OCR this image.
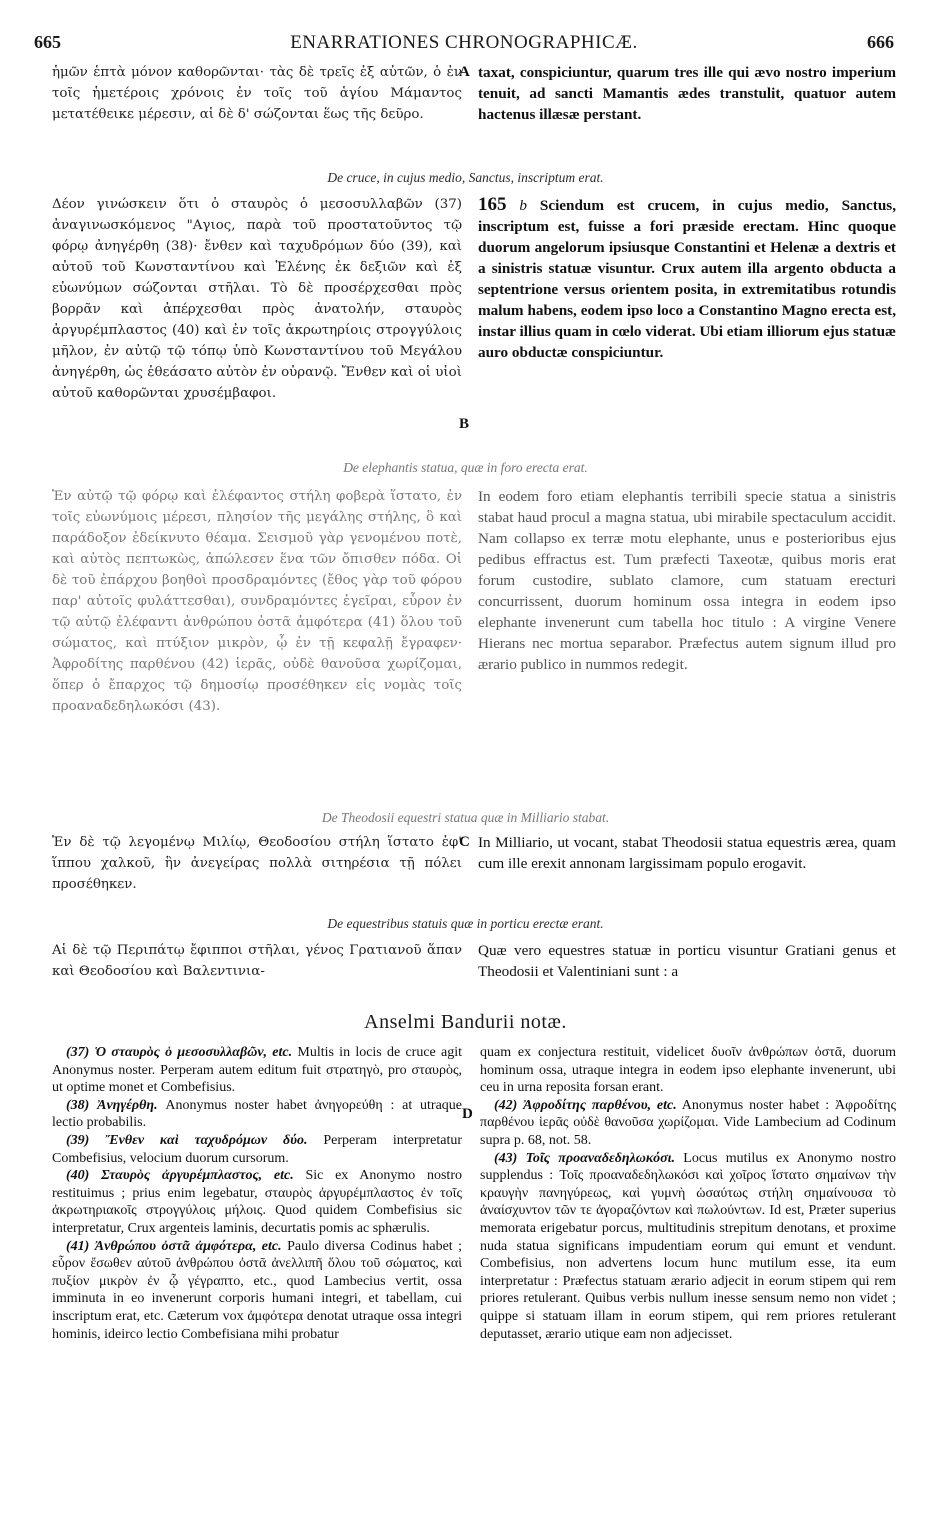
665	ENARRATIONES CHRONOGRAPHICÆ.	666
ἡμῶν ἑπτὰ μόνον καθορῶνται· τὰς δὲ τρεῖς ἐξ αὐτῶν, ὁ ἐν τοῖς ἡμετέροις χρόνοις ἐν τοῖς τοῦ ἁγίου Μάμαντος μετατέθεικε μέρεσιν, αἱ δὲ δ' σώζονται ἕως τῆς δεῦρο.
A taxat, conspiciuntur, quarum tres ille qui ævo nostro imperium tenuit, ad sancti Mamantis ædes transtulit, quatuor autem hactenus illæsæ perstant.
De cruce, in cujus medio, Sanctus, inscriptum erat.
Δέον γινώσκειν ὅτι ὁ σταυρὸς ὁ μεσοσυλλαβῶν (37) ἀναγινωσκόμενος "Αγιος, παρὰ τοῦ προστατοῦντος τῷ φόρῳ ἀνηγέρθη (38)· ἔνθεν καὶ ταχυδρόμων δύο (39), καὶ αὐτοῦ τοῦ Κωνσταντίνου καὶ Ἑλένης ἐκ δεξιῶν καὶ ἐξ εὐωνύμων σώζονται στῆλαι. Τὸ δὲ προσέρχεσθαι πρὸς βορρᾶν καὶ ἀπέρχεσθαι πρὸς ἀνατολήν, σταυρὸς ἀργυρέμπλαστος (40) καὶ ἐν τοῖς ἀκρωτηρίοις στρογγύλοις μῆλον, ἐν αὐτῷ τῷ τόπῳ ὑπὸ Κωνσταντίνου τοῦ Μεγάλου ἀνηγέρθη, ὡς ἐθεάσατο αὐτὸν ἐν οὐρανῷ. Ἔνθεν καὶ οἱ υἱοὶ αὐτοῦ καθορῶνται χρυσέμβαφοι.
B
165 b Sciendum est crucem, in cujus medio, Sanctus, inscriptum est, fuisse a fori præside erectam. Hinc quoque duorum angelorum ipsiusque Constantini et Helenæ a dextris et a sinistris statuæ visuntur. Crux autem illa argento obducta a septentrione versus orientem posita, in extremitatibus rotundis malum habens, eodem ipso loco a Constantino Magno erecta est, instar illius quam in cœlo viderat. Ubi etiam illiorum ejus statuæ auro obductæ conspiciuntur.
De elephantis statua, quæ in foro erecta erat.
Ἐν αὐτῷ τῷ φόρῳ καὶ ἐλέφαντος στήλη φοβερὰ ἵστατο, ἐν τοῖς εὐωνύμοις μέρεσι, πλησίον τῆς μεγάλης στήλης, ὃ καὶ παράδοξον ἐδείκνυτο θέαμα. Σεισμοῦ γὰρ γενομένου ποτὲ, καὶ αὐτὸς πεπτωκὼς, ἀπώλεσεν ἕνα τῶν ὄπισθεν πόδα. Οἱ δὲ τοῦ ἐπάρχου βοηθοὶ προσδραμόντες (ἔθος γὰρ τοῦ φόρου παρ' αὐτοῖς φυλάττεσθαι), συνδραμόντες ἐγεῖραι, εὗρον ἐν τῷ αὐτῷ ἐλέφαντι ἀνθρώπου ὀστᾶ ἀμφότερα (41) ὅλου τοῦ σώματος, καὶ πτύξιον μικρὸν, ᾧ ἐν τῇ κεφαλῇ ἔγραφεν· Ἀφροδίτης παρθένου (42) ἱερᾶς, οὐδὲ θανοῦσα χωρίζομαι, ὅπερ ὁ ἔπαρχος τῷ δημοσίῳ προσέθηκεν εἰς νομὰς τοῖς προαναδεδηλωκόσι (43).
In eodem foro etiam elephantis terribili specie statua a sinistris stabat haud procul a magna statua, ubi mirabile spectaculum accidit. Nam collapso ex terræ motu elephante, unus e posterioribus ejus pedibus effractus est. Tum præfecti Taxeotæ, quibus moris erat forum custodire, sublato clamore, cum statuam erecturi concurrissent, duorum hominum ossa integra in eodem ipso elephante invenerunt cum tabella hoc titulo : A virgine Venere Hierans nec mortua separabor. Præfectus autem signum illud pro ærario publico in nummos redegit.
De Theodosii equestri statua quæ in Milliario stabat.
Ἐν δὲ τῷ λεγομένῳ Μιλίῳ, Θεοδοσίου στήλη ἵστατο ἐφ' ἵππου χαλκοῦ, ἣν ἀνεγείρας πολλὰ σιτηρέσια τῇ πόλει προσέθηκεν.
C In Milliario, ut vocant, stabat Theodosii statua equestris ærea, quam cum ille erexit annonam largissimam populo erogavit.
De equestribus statuis quæ in porticu erectæ erant.
Αἱ δὲ τῷ Περιπάτῳ ἔφιπποι στῆλαι, γένος Γρατιανοῦ ἅπαν καὶ Θεοδοσίου καὶ Βαλεντινια-
Quæ vero equestres statuæ in porticu visuntur Gratiani genus et Theodosii et Valentiniani sunt : a
Anselmi Bandurii notæ.

(37) Ὁ σταυρὸς ὁ μεσοσυλλαβῶν, etc. Multis in locis de cruce agit Anonymus noster. Perperam autem editum fuit στρατηγὸ, pro σταυρὸς, ut optime monet et Combefisius.

(38) Ἀνηγέρθη. Anonymus noster habet ἀνηγορεύθη : at utraque lectio probabilis.

(39) Ἔνθεν καὶ ταχυδρόμων δύο. Perperam interpretatur Combefisius, velocium duorum cursorum.

(40) Σταυρὸς ἀργυρέμπλαστος, etc. Sic ex Anonymo nostro restituimus ; prius enim legebatur, σταυρὸς ἀργυρέμπλαστος ἐν τοῖς ἀκρωτηριακοῖς στρογγύλοις μήλοις. Quod quidem Combefisius sic interpretatur, Crux argenteis laminis, decurtatis pomis ac sphærulis.

(41) Ἀνθρώπου ὀστᾶ ἀμφότερα, etc. Paulo diversa Codinus habet ; εὗρον ἔσωθεν αὐτοῦ ἀνθρώπου ὀστᾶ ἀνελλιπῆ ὅλου τοῦ σώματος, καὶ πυξίον μικρὸν ἐν ᾧ γέγραπτο, etc., quod Lambecius vertit, ossa imminuta in eo invenerunt corporis humani integri, et tabellam, cui inscriptum erat, etc. Cæterum vox ἀμφότερα denotat utraque ossa integri hominis, ideirco lectio Combefisiana mihi probatur

D

quam ex conjectura restituit, videlicet δυοῖν ἀνθρώπων ὀστᾶ, duorum hominum ossa, utraque integra in eodem ipso elephante invenerunt, ubi ceu in urna reposita forsan erant.

(42) Ἀφροδίτης παρθένου, etc. Anonymus noster habet : Ἀφροδίτης παρθένου ἱερᾶς οὐδὲ θανοῦσα χωρίζομαι. Vide Lambecium ad Codinum supra p. 68, not. 58.

(43) Τοῖς προαναδεδηλωκόσι. Locus mutilus ex Anonymo nostro supplendus : Τοῖς προαναδεδηλωκόσι καὶ χοῖρος ἵστατο σημαίνων τὴν κραυγὴν πανηγύρεως, καὶ γυμνὴ ὡσαύτως στήλη σημαίνουσα τὸ ἀναίσχυντον τῶν τε ἀγοραζόντων καὶ πωλούντων. Id est, Præter superius memorata erigebatur porcus, multitudinis strepitum denotans, et proxime nuda statua significans impudentiam eorum qui emunt et vendunt. Combefisius, non advertens locum hunc mutilum esse, ita eum interpretatur : Præfectus statuam ærario adjecit in eorum stipem qui rem priores retulerant. Quibus verbis nullum inesse sensum nemo non videt ; quippe si statuam illam in eorum stipem, qui rem priores retulerant deputasset, ærario utique eam non adjecisset.
